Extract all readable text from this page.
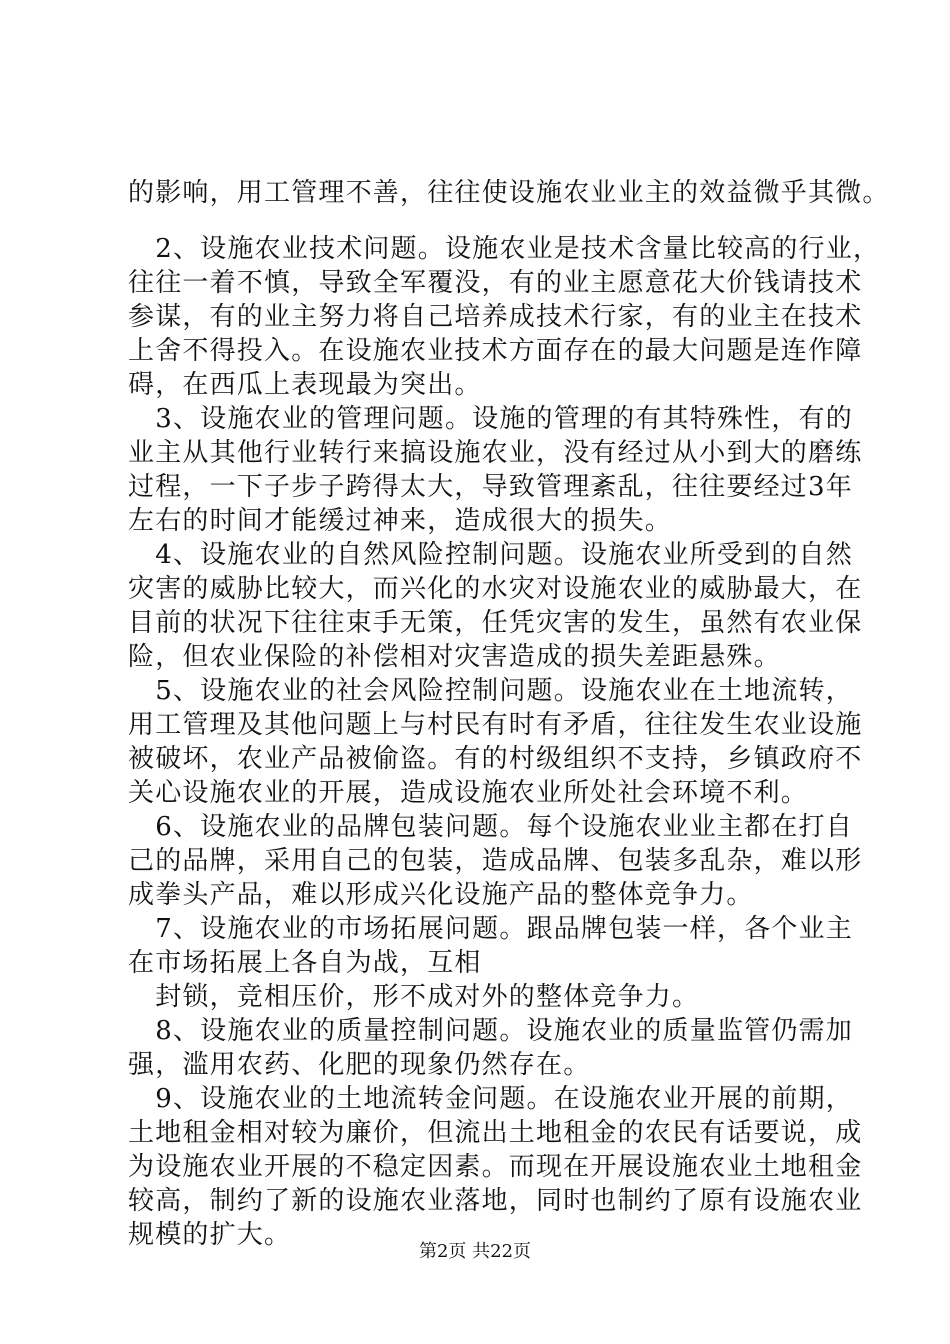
的影响，用工管理不善，往往使设施农业业主的效益微乎其微。
　2、设施农业技术问题。设施农业是技术含量比较高的行业，
往往一着不慎，导致全军覆没，有的业主愿意花大价钱请技术
参谋，有的业主努力将自己培养成技术行家，有的业主在技术
上舍不得投入。在设施农业技术方面存在的最大问题是连作障
碍，在西瓜上表现最为突出。
　3、设施农业的管理问题。设施的管理的有其特殊性，有的
业主从其他行业转行来搞设施农业，没有经过从小到大的磨练
过程，一下子步子跨得太大，导致管理紊乱，往往要经过3年
左右的时间才能缓过神来，造成很大的损失。
　4、设施农业的自然风险控制问题。设施农业所受到的自然
灾害的威胁比较大，而兴化的水灾对设施农业的威胁最大，在
目前的状况下往往束手无策，任凭灾害的发生，虽然有农业保
险，但农业保险的补偿相对灾害造成的损失差距悬殊。
　5、设施农业的社会风险控制问题。设施农业在土地流转，
用工管理及其他问题上与村民有时有矛盾，往往发生农业设施
被破坏，农业产品被偷盗。有的村级组织不支持，乡镇政府不
关心设施农业的开展，造成设施农业所处社会环境不利。
　6、设施农业的品牌包装问题。每个设施农业业主都在打自
己的品牌，采用自己的包装，造成品牌、包装多乱杂，难以形
成拳头产品，难以形成兴化设施产品的整体竞争力。
　7、设施农业的市场拓展问题。跟品牌包装一样，各个业主
在市场拓展上各自为战，互相
　封锁，竞相压价，形不成对外的整体竞争力。
　8、设施农业的质量控制问题。设施农业的质量监管仍需加
强，滥用农药、化肥的现象仍然存在。
　9、设施农业的土地流转金问题。在设施农业开展的前期，
土地租金相对较为廉价，但流出土地租金的农民有话要说，成
为设施农业开展的不稳定因素。而现在开展设施农业土地租金
较高，制约了新的设施农业落地，同时也制约了原有设施农业
规模的扩大。
第2页 共22页
